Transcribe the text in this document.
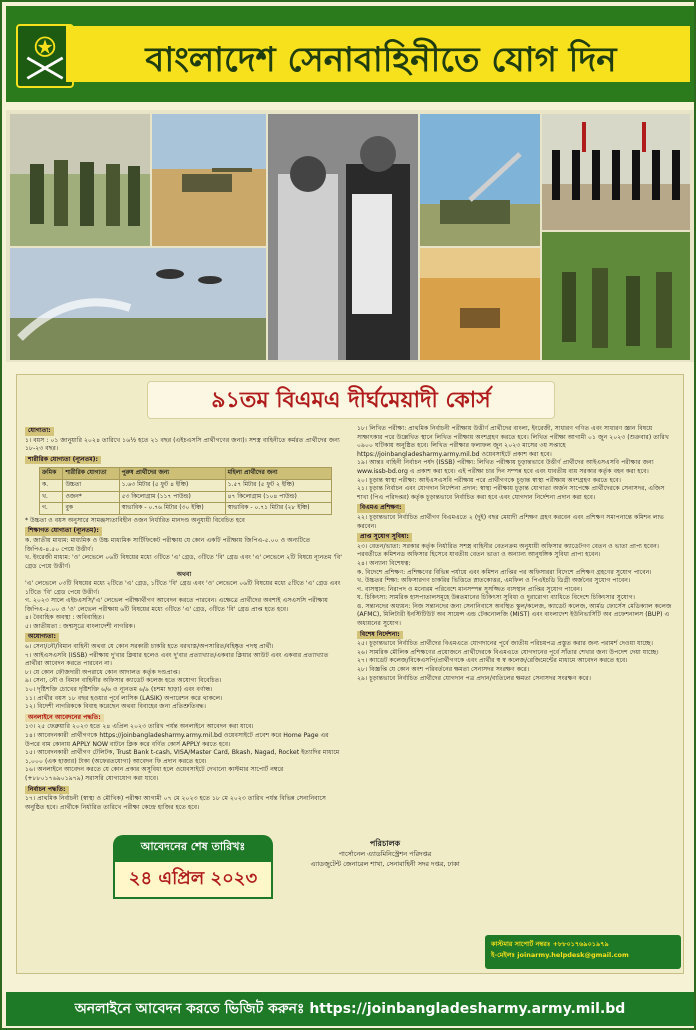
বাংলাদেশ সেনাবাহিনীতে যোগ দিন
৯১তম বিএমএ দীর্ঘমেয়াদী কোর্স
যোগ্যতা:
১। বয়স : ০১ জানুয়ারি ২০২৪ তারিখে ১৬½ হতে ২১ বছর (এইচএসসি প্রার্থীগণের জন্য)। সশস্ত্র বাহিনীতে কর্মরত প্রার্থীদের জন্য ১৮-২৩ বছর।
শারীরিক যোগ্যতা (ন্যূনতম):
ক্রমিক	শারীরিক যোগ্যতা	পুরুষ প্রার্থীদের জন্য	মহিলা প্রার্থীদের জন্য
ক.	উচ্চতা	১.৬৩ মিটার (৫ ফুট ৪ ইঞ্চি)	১.৫৭ মিটার (৫ ফুট ২ ইঞ্চি)
খ.	ওজন*	৫৩ কিলোগ্রাম (১১৭ পাউন্ড)	৪৭ কিলোগ্রাম (১০৪ পাউন্ড)
গ.	বুক	স্বাভাবিক - ০.৭৬ মিটার (৩০ ইঞ্চি)	স্বাভাবিক - ০.৭১ মিটার (২৮ ইঞ্চি)
* উচ্চতা ও বয়স অনুসারে সামঞ্জস্যতাবিহীন ওজন নির্ধারিত মানদণ্ড অনুযায়ী বিবেচিত হবে
শিক্ষাগত যোগ্যতা (ন্যূনতম):
ক. জাতীয় মাধ্যম: মাধ্যমিক ও উচ্চ মাধ্যমিক সার্টিফিকেট পরীক্ষায় যে কোন একটি পরীক্ষায় জিপিএ-৫.০০ ও অন্যটিতে জিপিএ-৪.৫০ পেয়ে উত্তীর্ণ।
খ. ইংরেজী মাধ্যম: 'ও' লেভেলে ০৬টি বিষয়ের মধ্যে ৩টিতে 'এ' গ্রেড, ৩টিতে 'বি' গ্রেড এবং 'এ' লেভেলে ২টি বিষয়ে ন্যূনতম 'বি' গ্রেড পেয়ে উত্তীর্ণ।
অথবা
'এ' লেভেলে ০৩টি বিষয়ের মধ্যে ২টিতে 'এ' গ্রেড, ১টিতে 'বি' গ্রেড এবং 'ও' লেভেলে ০৬টি বিষয়ের মধ্যে ৫টিতে 'এ' গ্রেড এবং ১টিতে 'বি' গ্রেড পেয়ে উত্তীর্ণ।
গ. ২০২৩ সালে এইচএসসি/'এ' লেভেল পরীক্ষার্থীগণ আবেদন করতে পারবেন। এক্ষেত্রে প্রার্থীদের অবশ্যই এসএসসি পরীক্ষায় জিপিএ-৫.০০ ও 'ও' লেভেল পরীক্ষায় ৬টি বিষয়ের মধ্যে ৩টিতে 'এ' গ্রেড, ৩টিতে 'বি' গ্রেড প্রাপ্ত হতে হবে।
৪। বৈবাহিক অবস্থা : অবিবাহিত।
৫। জাতীয়তা : জন্মসূত্রে বাংলাদেশী নাগরিক।
অযোগ্যতা:
৬। সেনা/নৌ/বিমান বাহিনী অথবা যে কোন সরকারী চাকরি হতে বরখাস্ত/অপসারিত/বহিষ্কৃত পদস্থ প্রার্থী।
৭। আইএসএসবি (ISSB) পরীক্ষায় দু'বার ক্লিয়ার হলেও এবং দু'বার প্রত্যাখ্যাত/একবার ক্লিয়ার আউট এবং একবার প্রত্যাখ্যাত প্রার্থীরা আবেদন করতে পারবেন না।
৮। যে কোন ফৌজদারী অপরাধে কোন আদালত কর্তৃক দণ্ডপ্রাপ্ত।
৯। সেনা, নৌ ও বিমান বাহিনীর অফিসার ক্যাডেট কলেজ হতে অযোগ্য বিবেচিত।
১০। দৃষ্টিশক্তি চোখের দৃষ্টিশক্তি ৬/৬ ও ন্যূনতম ৬/৯ (চশমা ছাড়া) এবং বর্ণান্ধ।
১১। প্রার্থীর বয়স ১৮ বছর হওয়ার পূর্বে লাসিক (LASIK) অপারেশন করে থাকলে।
১২। বিদেশী নাগরিককে বিবাহ করেছেন অথবা বিবাহের জন্য প্রতিশ্রুতিবদ্ধ।
অনলাইনে আবেদনের পদ্ধতি:
১৩। ২৫ ফেব্রুয়ারি ২০২৩ হতে ২৪ এপ্রিল ২০২৩ তারিখ পর্যন্ত অনলাইনে আবেদন করা যাবে।
১৪। আবেদনকারী প্রার্থীগণকে https://joinbangladesharmy.army.mil.bd ওয়েবসাইটে প্রবেশ করে Home Page এর উপরে বাম কোনায় APPLY NOW বাটনে ক্লিক করে বর্ণিত কোর্স APPLY করতে হবে।
১৫। আবেদনকারী প্রার্থীগণ টেলিটক, Trust Bank t-cash, VISA/Master Card, Bkash, Nagad, Rocket ইত্যাদির মাধ্যমে ১,০০০ (এক হাজার) টাকা (অফেরতযোগ্য) আবেদন ফি প্রদান করতে হবে।
১৬। অনলাইনে আবেদন করতে যে কোন প্রকার অসুবিধা হলে ওয়েবসাইটে দেখানো কাস্টমার সাপোর্ট নম্বরে (+৮৮০১৭৬৯০১৯৭৯) সরাসরি যোগাযোগ করা যাবে।
নির্বাচন পদ্ধতি:
১৭। প্রাথমিক নির্বাচনী (স্বাস্থ্য ও মৌখিক) পরীক্ষা আগামী ০৭ মে ২০২৩ হতে ১৮ মে ২০২৩ তারিখ পর্যন্ত বিভিন্ন সেনানিবাসে অনুষ্ঠিত হবে। প্রার্থীকে নির্ধারিত তারিখে পরীক্ষা কেন্দ্রে হাজির হতে হবে।
১৮। লিখিত পরীক্ষা: প্রাথমিক নির্বাচনী পরীক্ষায় উত্তীর্ণ প্রার্থীদের বাংলা, ইংরেজী, সাধারণ গণিত এবং সাধারণ জ্ঞান বিষয়ে সাক্ষাৎকার পরে উল্লেখিত স্থানে লিখিত পরীক্ষায় অংশগ্রহণ করতে হবে। লিখিত পরীক্ষা আগামী ০১ জুন ২০২৩ (শুক্রবার) তারিখ ০৯০০ ঘটিকায় অনুষ্ঠিত হবে। লিখিত পরীক্ষার ফলাফল জুন ২০২৩ মাসের ৩য় সপ্তাহে https://joinbangladesharmy.army.mil.bd ওয়েবসাইটে প্রকাশ করা হবে।
১৯। আন্তঃ বাহিনী নির্বাচন পর্ষদ (ISSB) পরীক্ষা: লিখিত পরীক্ষায় চূড়ান্তভাবে উত্তীর্ণ প্রার্থীদের আইএসএসবি পরীক্ষার জন্য www.issb-bd.org এ প্রকাশ করা হবে। এই পরীক্ষা চার দিন সম্পন্ন হবে এবং যাবতীয় ব্যয় সরকার কর্তৃক বহন করা হবে।
২০। চূড়ান্ত স্বাস্থ্য পরীক্ষা: আইএসএসবি পরীক্ষায় পরে প্রার্থীগণকে চূড়ান্ত স্বাস্থ্য পরীক্ষায় অংশগ্রহণ করতে হবে।
২১। চূড়ান্ত নির্বাচন এবং যোগদান নির্দেশনা প্রদান: স্বাস্থ্য পরীক্ষায় চূড়ান্ত যোগ্যতা অর্জন সাপেক্ষে প্রার্থীদেরকে সেনাসদর, এজিস শাখা (পিএ পরিদপ্তর) কর্তৃক চূড়ান্তভাবে নির্বাচিত করা হবে এবং যোগদান নির্দেশনা প্রদান করা হবে।
বিএমএ প্রশিক্ষণ:
২২। চূড়ান্তভাবে নির্বাচিত প্রার্থীগণ বিএমএতে ২ (দুই) বছর মেয়াদী প্রশিক্ষণ গ্রহণ করবেন এবং প্রশিক্ষণ সমাপনান্তে কমিশন লাভ করবেন।
প্রাপ্ত সুযোগ সুবিধা:
২৩। বেতন/ভাতা: সরকার কর্তৃক নির্ধারিত সশস্ত্র বাহিনীর বেতনক্রম অনুযায়ী অফিসার ক্যাডেটগণ বেতন ও ভাতা প্রাপ্য হবেন। পরবর্তীতে কমিশনড অফিসার হিসেবে যাবতীয় বেতন ভাতা ও অন্যান্য আনুষঙ্গিক সুবিধা প্রাপ্য হবেন।
২৪। অন্যান্য বিশেষত্ব:
ক. বিদেশে প্রশিক্ষণ: প্রশিক্ষণের বিভিন্ন পর্যায়ে এবং কমিশন প্রাপ্তির পর অফিসাররা বিদেশে প্রশিক্ষণ গ্রহণের সুযোগ পাবেন।
খ. উচ্চতর শিক্ষা: অফিসারগণ চাকরির ভিত্তিতে স্নাতকোত্তর, এমফিল ও পিএইচডি ডিগ্রী অর্জনের সুযোগ পাবেন।
গ. বাসস্থান: নিরাপদ ও মনোরম পরিবেশে মানসম্পন্ন সুসজ্জিত বাসস্থান প্রাপ্তির সুযোগ পাবেন।
ঘ. চিকিৎসা: সামরিক হাসপাতালসমূহে উন্নতমানের চিকিৎসা সুবিধা ও দুরারোগ্য ব্যাধিতে বিদেশে চিকিৎসার সুযোগ।
ঙ. সন্তানদের অধ্যয়ন: নিজ সন্তানদের জন্য সেনানিবাসে অবস্থিত স্কুল/কলেজ, ক্যাডেট কলেজ, আর্মড ফোর্সেস মেডিক্যাল কলেজ (AFMC), মিলিটারী ইনস্টিটিউট অব সায়েন্স এন্ড টেকনোলজি (MIST) এবং বাংলাদেশ ইউনিভার্সিটি অব প্রফেশনালস (BUP) এ অধ্যয়নের সুযোগ।
বিশেষ নির্দেশনা:
২৫। চূড়ান্তভাবে নির্বাচিত প্রার্থীদের বিএমএতে যোগদানের পূর্বে জাতীয় পরিচয়পত্র প্রস্তুত করার জন্য পরামর্শ দেওয়া যাচ্ছে।
২৬। সামরিক মৌলিক প্রশিক্ষণের প্রয়োজনে প্রার্থীদেরকে বিএমএতে যোগদানের পূর্বে সাঁতার শেখার জন্য উপদেশ দেয়া যাচ্ছে।
২৭। ক্যাডেট কলেজ/বিকেএসপি/প্রার্থীগণকে এবং প্রার্থীর স্ব স্ব কলেজ/রেজিমেন্টের মাধ্যমে আবেদন করতে হবে।
২৮। বিজ্ঞপ্তি যে কোন অংশ পরিবর্তনের ক্ষমতা সেনাসদর সংরক্ষণ করে।
২৯। চূড়ান্তভাবে নির্বাচিত প্রার্থীদের যোগদান পত্র প্রদান/বাতিলের ক্ষমতা সেনাসদর সংরক্ষণ করে।
আবেদনের শেষ তারিখঃ
২৪ এপ্রিল ২০২৩
পরিচালক
পার্সোনেল এ্যাডমিনিস্ট্রেশন পরিদপ্তর
এ্যাডজুটেন্ট জেনারেল শাখা, সেনাবাহিনী সদর দপ্তর, ঢাকা
কাস্টমার সাপোর্ট নম্বরঃ +৮৮০১৭৬৯০১৯৭৯
ই-মেইলঃ joinarmy.helpdesk@gmail.com
অনলাইনে আবেদন করতে ভিজিট করুনঃ https://joinbangladesharmy.army.mil.bd
